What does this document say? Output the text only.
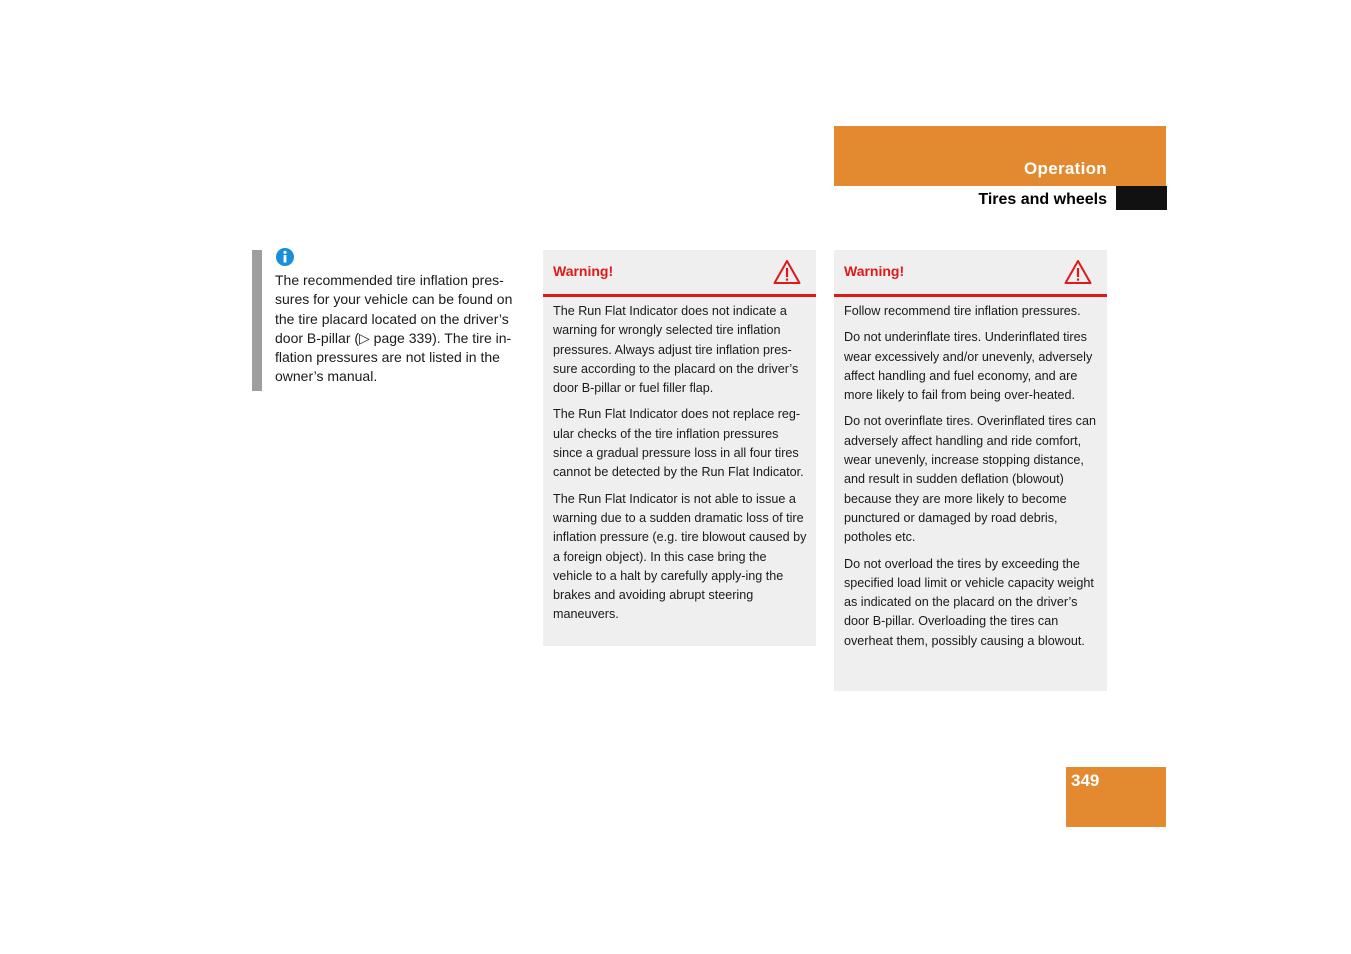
Operation
Tires and wheels
The recommended tire inflation pres-sures for your vehicle can be found on the tire placard located on the driver’s door B-pillar (▷ page 339). The tire in-flation pressures are not listed in the owner’s manual.
Warning!

The Run Flat Indicator does not indicate a warning for wrongly selected tire inflation pressures. Always adjust tire inflation pres-sure according to the placard on the driver’s door B-pillar or fuel filler flap.

The Run Flat Indicator does not replace reg-ular checks of the tire inflation pressures since a gradual pressure loss in all four tires cannot be detected by the Run Flat Indicator.

The Run Flat Indicator is not able to issue a warning due to a sudden dramatic loss of tire inflation pressure (e.g. tire blowout caused by a foreign object). In this case bring the vehicle to a halt by carefully apply-ing the brakes and avoiding abrupt steering maneuvers.

Warning!

Follow recommend tire inflation pressures.

Do not underinflate tires. Underinflated tires wear excessively and/or unevenly, adversely affect handling and fuel economy, and are more likely to fail from being over-heated.

Do not overinflate tires. Overinflated tires can adversely affect handling and ride comfort, wear unevenly, increase stopping distance, and result in sudden deflation (blowout) because they are more likely to become punctured or damaged by road debris, potholes etc.

Do not overload the tires by exceeding the specified load limit or vehicle capacity weight as indicated on the placard on the driver’s door B-pillar. Overloading the tires can overheat them, possibly causing a blowout.

349
